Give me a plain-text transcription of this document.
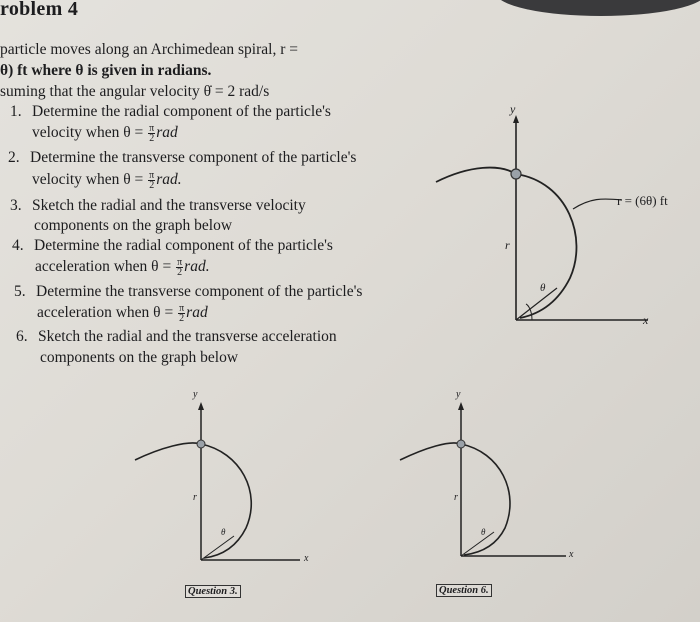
roblem 4
particle moves along an Archimedean spiral, r =
θ) ft where θ is given in radians.
suming that the angular velocity θ̇ = 2 rad/s
1. Determine the radial component of the particle's
velocity when $\theta = \frac{\pi}{2}$ rad
2. Determine the transverse component of the particle's
velocity when $\theta = \frac{\pi}{2}$ rad.
3. Sketch the radial and the transverse velocity
components on the graph below
4. Determine the radial component of the particle's
acceleration when $\theta = \frac{\pi}{2}$ rad.
5. Determine the transverse component of the particle's
acceleration when $\theta = \frac{\pi}{2}$ rad
6. Sketch the radial and the transverse acceleration
components on the graph below
y
x
r
θ
r = (6θ) ft
y
x
r
θ
Question 3.
y
x
r
θ
Question 6.
